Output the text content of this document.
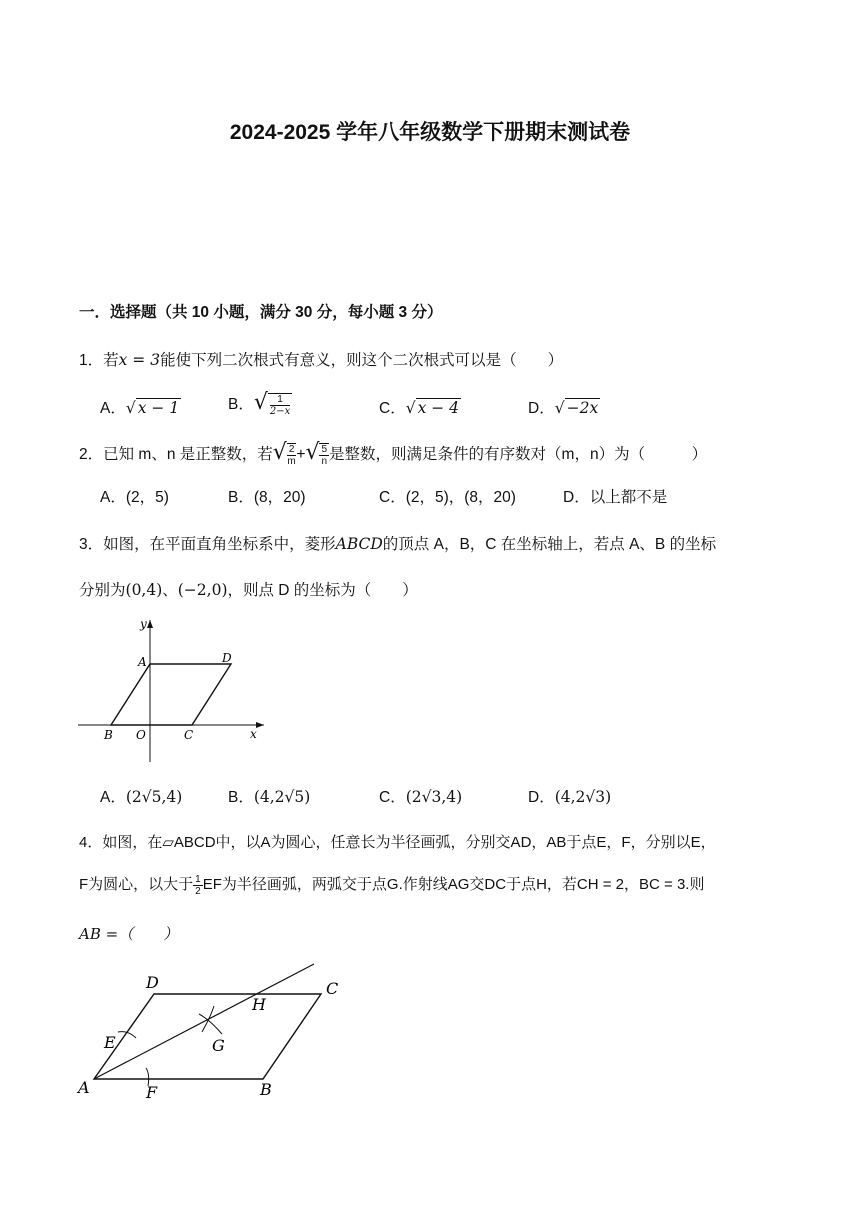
2024-2025 学年八年级数学下册期末测试卷
一．选择题（共 10 小题，满分 30 分，每小题 3 分）
1．若x = 3能使下列二次根式有意义，则这个二次根式可以是（　　）
A．√ x − 1	B．√ $\frac{1}{2-x}$	C．√ x − 4	D．√ −2x
2．已知 m、n 是正整数，若√ $\frac{2}{m}$ +√ $\frac{5}{n}$ 是整数，则满足条件的有序数对（m，n）为（　　　）
A．(2，5)	B．(8，20)	C．(2，5)，(8，20)	D．以上都不是
3．如图，在平面直角坐标系中，菱形ABCD的顶点 A，B，C 在坐标轴上，若点 A、B 的坐标
分别为(0,4)、(−2,0)，则点 D 的坐标为（　　）
y
A	D
B O	C	x
A．(2√5,4)	B．(4,2√5)	C．(2√3,4)	D．(4,2√3)
4．如图，在▱ABCD中，以A为圆心，任意长为半径画弧，分别交AD，AB于点E，F，分别以E，
F为圆心，以大于 $\frac{1}{2}$ EF为半径画弧，两弧交于点G.作射线AG交DC于点H，若CH = 2，BC = 3.则
AB =（　　）
D	C
H
E	G
A	F	B
